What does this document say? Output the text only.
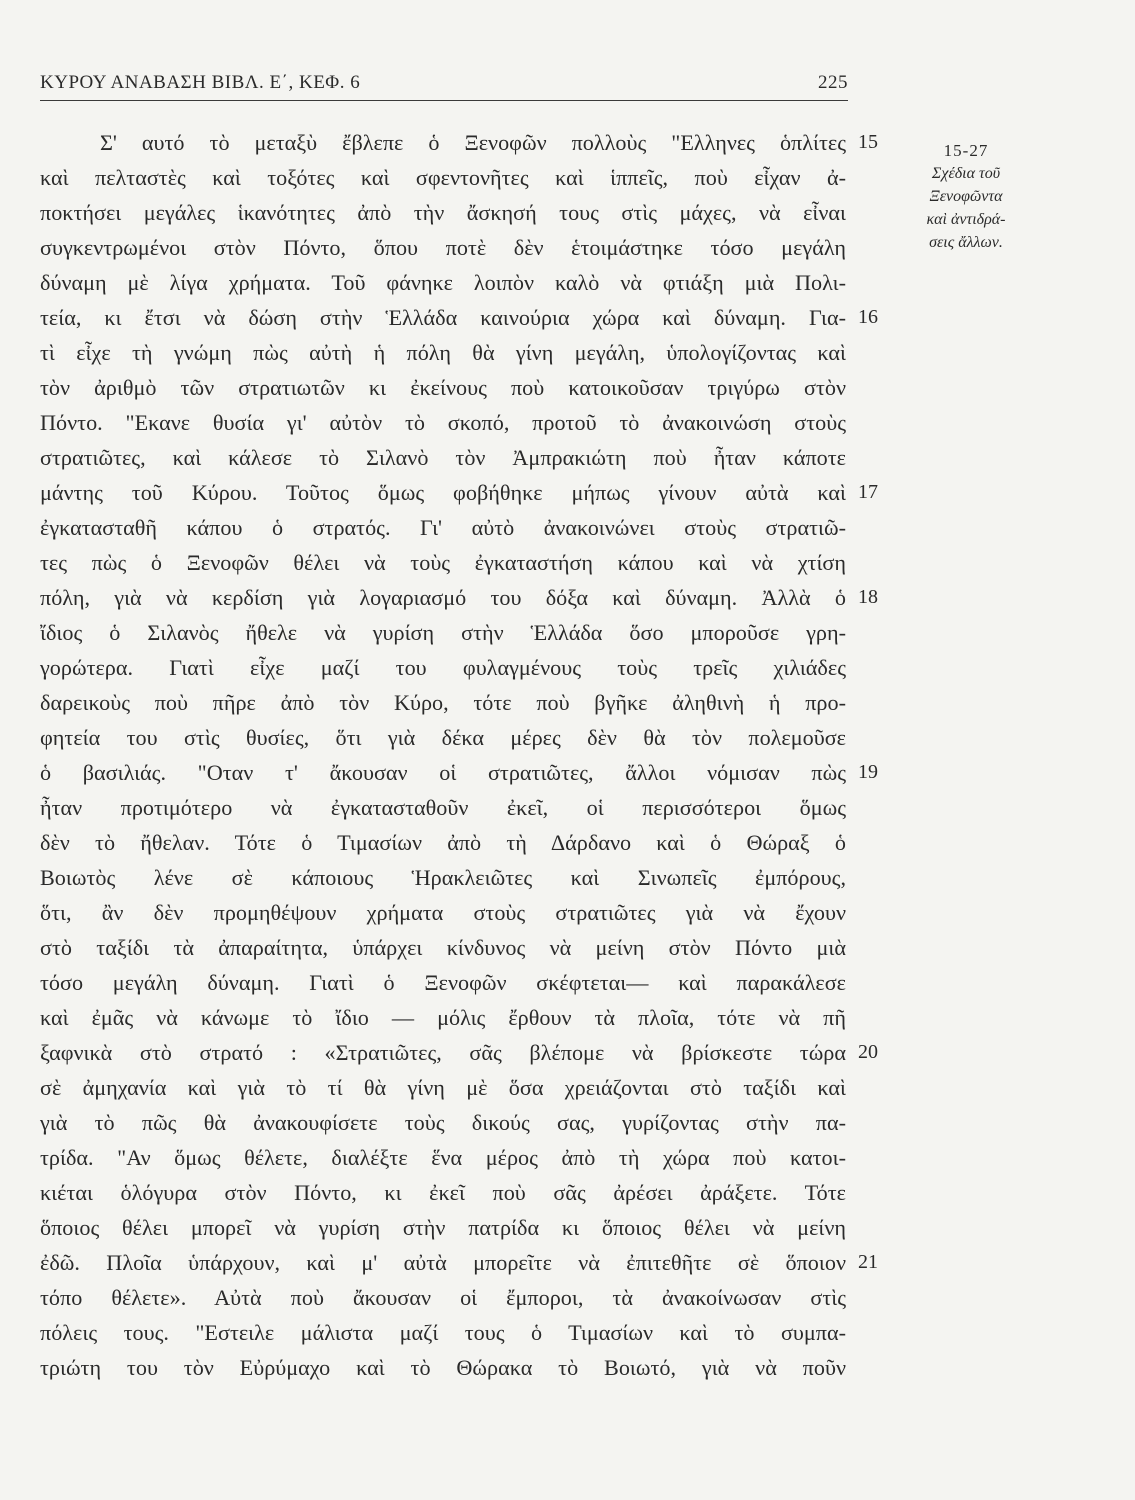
ΚΥΡΟΥ ΑΝΑΒΑΣΗ ΒΙΒΛ. Ε΄, ΚΕΦ. 6	225
Σ' αυτό τὸ μεταξὺ ἔβλεπε ὁ Ξενοφῶν πολλοὺς "Ελληνες ὁπλίτες
καὶ πελταστὲς καὶ τοξότες καὶ σφεντονῆτες καὶ ἱππεῖς, ποὺ εἶχαν ἀ-
ποκτήσει μεγάλες ἱκανότητες ἀπὸ τὴν ἄσκησή τους στὶς μάχες, νὰ εἶναι
συγκεντρωμένοι στὸν Πόντο, ὅπου ποτὲ δὲν ἑτοιμάστηκε τόσο μεγάλη
δύναμη μὲ λίγα χρήματα. Τοῦ φάνηκε λοιπὸν καλὸ νὰ φτιάξη μιὰ Πολι-
τεία, κι ἔτσι νὰ δώση στὴν Ἑλλάδα καινούρια χώρα καὶ δύναμη. Για-
τὶ εἶχε τὴ γνώμη πὼς αὐτὴ ἡ πόλη θὰ γίνη μεγάλη, ὑπολογίζοντας καὶ
τὸν ἀριθμὸ τῶν στρατιωτῶν κι ἐκείνους ποὺ κατοικοῦσαν τριγύρω στὸν
Πόντο. "Εκανε θυσία γι' αὐτὸν τὸ σκοπό, προτοῦ τὸ ἀνακοινώση στοὺς
στρατιῶτες, καὶ κάλεσε τὸ Σιλανὸ τὸν Ἀμπρακιώτη ποὺ ἦταν κάποτε
μάντης τοῦ Κύρου. Τοῦτος ὅμως φοβήθηκε μήπως γίνουν αὐτὰ καὶ
ἐγκατασταθῆ κάπου ὁ στρατός. Γι' αὐτὸ ἀνακοινώνει στοὺς στρατιῶ-
τες πὼς ὁ Ξενοφῶν θέλει νὰ τοὺς ἐγκαταστήση κάπου καὶ νὰ χτίση
πόλη, γιὰ νὰ κερδίση γιὰ λογαριασμό του δόξα καὶ δύναμη. Ἀλλὰ ὁ
ἴδιος ὁ Σιλανὸς ἤθελε νὰ γυρίση στὴν Ἑλλάδα ὅσο μποροῦσε γρη-
γορώτερα. Γιατὶ εἶχε μαζί του φυλαγμένους τοὺς τρεῖς χιλιάδες
δαρεικοὺς ποὺ πῆρε ἀπὸ τὸν Κύρο, τότε ποὺ βγῆκε ἀληθινὴ ἡ προ-
φητεία του στὶς θυσίες, ὅτι γιὰ δέκα μέρες δὲν θὰ τὸν πολεμοῦσε
ὁ βασιλιάς. "Οταν τ' ἄκουσαν οἱ στρατιῶτες, ἄλλοι νόμισαν πὼς
ἦταν προτιμότερο νὰ ἐγκατασταθοῦν ἐκεῖ, οἱ περισσότεροι ὅμως
δὲν τὸ ἤθελαν. Τότε ὁ Τιμασίων ἀπὸ τὴ Δάρδανο καὶ ὁ Θώραξ ὁ
Βοιωτὸς λένε σὲ κάποιους Ἡρακλειῶτες καὶ Σινωπεῖς ἐμπόρους,
ὅτι, ἂν δὲν προμηθέψουν χρήματα στοὺς στρατιῶτες γιὰ νὰ ἔχουν
στὸ ταξίδι τὰ ἀπαραίτητα, ὑπάρχει κίνδυνος νὰ μείνη στὸν Πόντο μιὰ
τόσο μεγάλη δύναμη. Γιατὶ ὁ Ξενοφῶν σκέφτεται— καὶ παρακάλεσε
καὶ ἐμᾶς νὰ κάνωμε τὸ ἴδιο — μόλις ἔρθουν τὰ πλοῖα, τότε νὰ πῆ
ξαφνικὰ στὸ στρατό : «Στρατιῶτες, σᾶς βλέπομε νὰ βρίσκεστε τώρα
σὲ ἀμηχανία καὶ γιὰ τὸ τί θὰ γίνη μὲ ὅσα χρειάζονται στὸ ταξίδι καὶ
γιὰ τὸ πῶς θὰ ἀνακουφίσετε τοὺς δικούς σας, γυρίζοντας στὴν πα-
τρίδα. "Αν ὅμως θέλετε, διαλέξτε ἕνα μέρος ἀπὸ τὴ χώρα ποὺ κατοι-
κιέται ὁλόγυρα στὸν Πόντο, κι ἐκεῖ ποὺ σᾶς ἀρέσει ἀράξετε. Τότε
ὅποιος θέλει μπορεῖ νὰ γυρίση στὴν πατρίδα κι ὅποιος θέλει νὰ μείνη
ἐδῶ. Πλοῖα ὑπάρχουν, καὶ μ' αὐτὰ μπορεῖτε νὰ ἐπιτεθῆτε σὲ ὅποιον
τόπο θέλετε». Αὐτὰ ποὺ ἄκουσαν οἱ ἔμποροι, τὰ ἀνακοίνωσαν στὶς
πόλεις τους. "Εστειλε μάλιστα μαζί τους ὁ Τιμασίων καὶ τὸ συμπα-
τριώτη του τὸν Εὐρύμαχο καὶ τὸ Θώρακα τὸ Βοιωτό, γιὰ νὰ ποῦν
15
16
17
18
19
20
21
15-27
Σχέδια τοῦ
Ξενοφῶντα
καὶ ἀντιδρά-
σεις ἄλλων.
